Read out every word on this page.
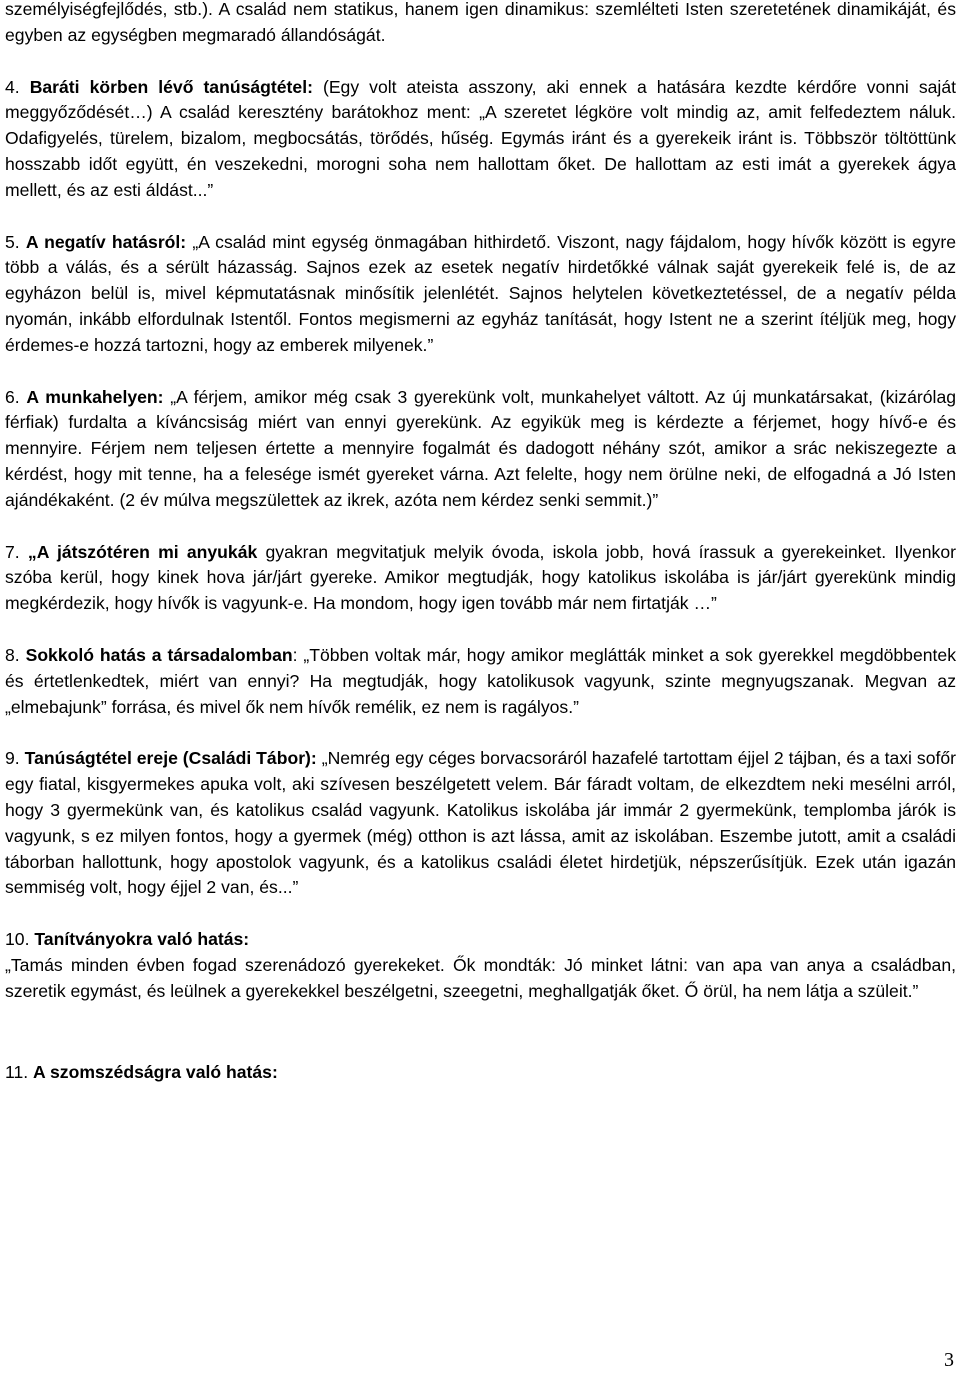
személyiségfejlődés, stb.). A család nem statikus, hanem igen dinamikus: szemlélteti Isten szeretetének dinamikáját, és egyben az egységben megmaradó állandóságát.

4. Baráti körben lévő tanúságtétel: (Egy volt ateista asszony, aki ennek a hatására kezdte kérdőre vonni saját meggyőződését…) A család keresztény barátokhoz ment: „A szeretet légköre volt mindig az, amit felfedeztem náluk. Odafigyelés, türelem, bizalom, megbocsátás, törődés, hűség. Egymás iránt és a gyerekeik iránt is. Többször töltöttünk hosszabb időt együtt, én veszekedni, morogni soha nem hallottam őket. De hallottam az esti imát a gyerekek ágya mellett, és az esti áldást...”

5. A negatív hatásról: „A család mint egység önmagában hithirdető. Viszont, nagy fájdalom, hogy hívők között is egyre több a válás, és a sérült házasság. Sajnos ezek az esetek negatív hirdetőkké válnak saját gyerekeik felé is, de az egyházon belül is, mivel képmutatásnak minősítik jelenlétét. Sajnos helytelen következtetéssel, de a negatív példa nyomán, inkább elfordulnak Istentől. Fontos megismerni az egyház tanítását, hogy Istent ne a szerint ítéljük meg, hogy érdemes-e hozzá tartozni, hogy az emberek milyenek.”

6. A munkahelyen: „A férjem, amikor még csak 3 gyerekünk volt, munkahelyet váltott. Az új munkatársakat, (kizárólag férfiak) furdalta a kíváncsiság miért van ennyi gyerekünk. Az egyikük meg is kérdezte a férjemet, hogy hívő-e és mennyire. Férjem nem teljesen értette a mennyire fogalmát és dadogott néhány szót, amikor a srác nekiszegezte a kérdést, hogy mit tenne, ha a felesége ismét gyereket várna. Azt felelte, hogy nem örülne neki, de elfogadná a Jó Isten ajándékaként. (2 év múlva megszülettek az ikrek, azóta nem kérdez senki semmit.)”

7. „A játszótéren mi anyukák gyakran megvitatjuk melyik óvoda, iskola jobb, hová írassuk a gyerekeinket. Ilyenkor szóba kerül, hogy kinek hova jár/járt gyereke. Amikor megtudják, hogy katolikus iskolába is jár/járt gyerekünk mindig megkérdezik, hogy hívők is vagyunk-e. Ha mondom, hogy igen tovább már nem firtatják …”

8. Sokkoló hatás a társadalomban: „Többen voltak már, hogy amikor meglátták minket a sok gyerekkel megdöbbentek és értetlenkedtek, miért van ennyi? Ha megtudják, hogy katolikusok vagyunk, szinte megnyugszanak. Megvan az „elmebajunk” forrása, és mivel ők nem hívők remélik, ez nem is ragályos.”

9. Tanúságtétel ereje (Családi Tábor): „Nemrég egy céges borvacsoráról hazafelé tartottam éjjel 2 tájban, és a taxi sofőr egy fiatal, kisgyermekes apuka volt, aki szívesen beszélgetett velem. Bár fáradt voltam, de elkezdtem neki mesélni arról, hogy 3 gyermekünk van, és katolikus család vagyunk. Katolikus iskolába jár immár 2 gyermekünk, templomba járók is vagyunk, s ez milyen fontos, hogy a gyermek (még) otthon is azt lássa, amit az iskolában. Eszembe jutott, amit a családi táborban hallottunk, hogy apostolok vagyunk, és a katolikus családi életet hirdetjük, népszerűsítjük. Ezek után igazán semmiség volt, hogy éjjel 2 van, és...”

10. Tanítványokra való hatás:
„Tamás minden évben fogad szerenádozó gyerekeket. Ők mondták: Jó minket látni: van apa van anya a családban, szeretik egymást, és leülnek a gyerekekkel beszélgetni, szeegetni, meghallgatják őket. Ő örül, ha nem látja a szüleit.”

11. A szomszédságra való hatás:

3
